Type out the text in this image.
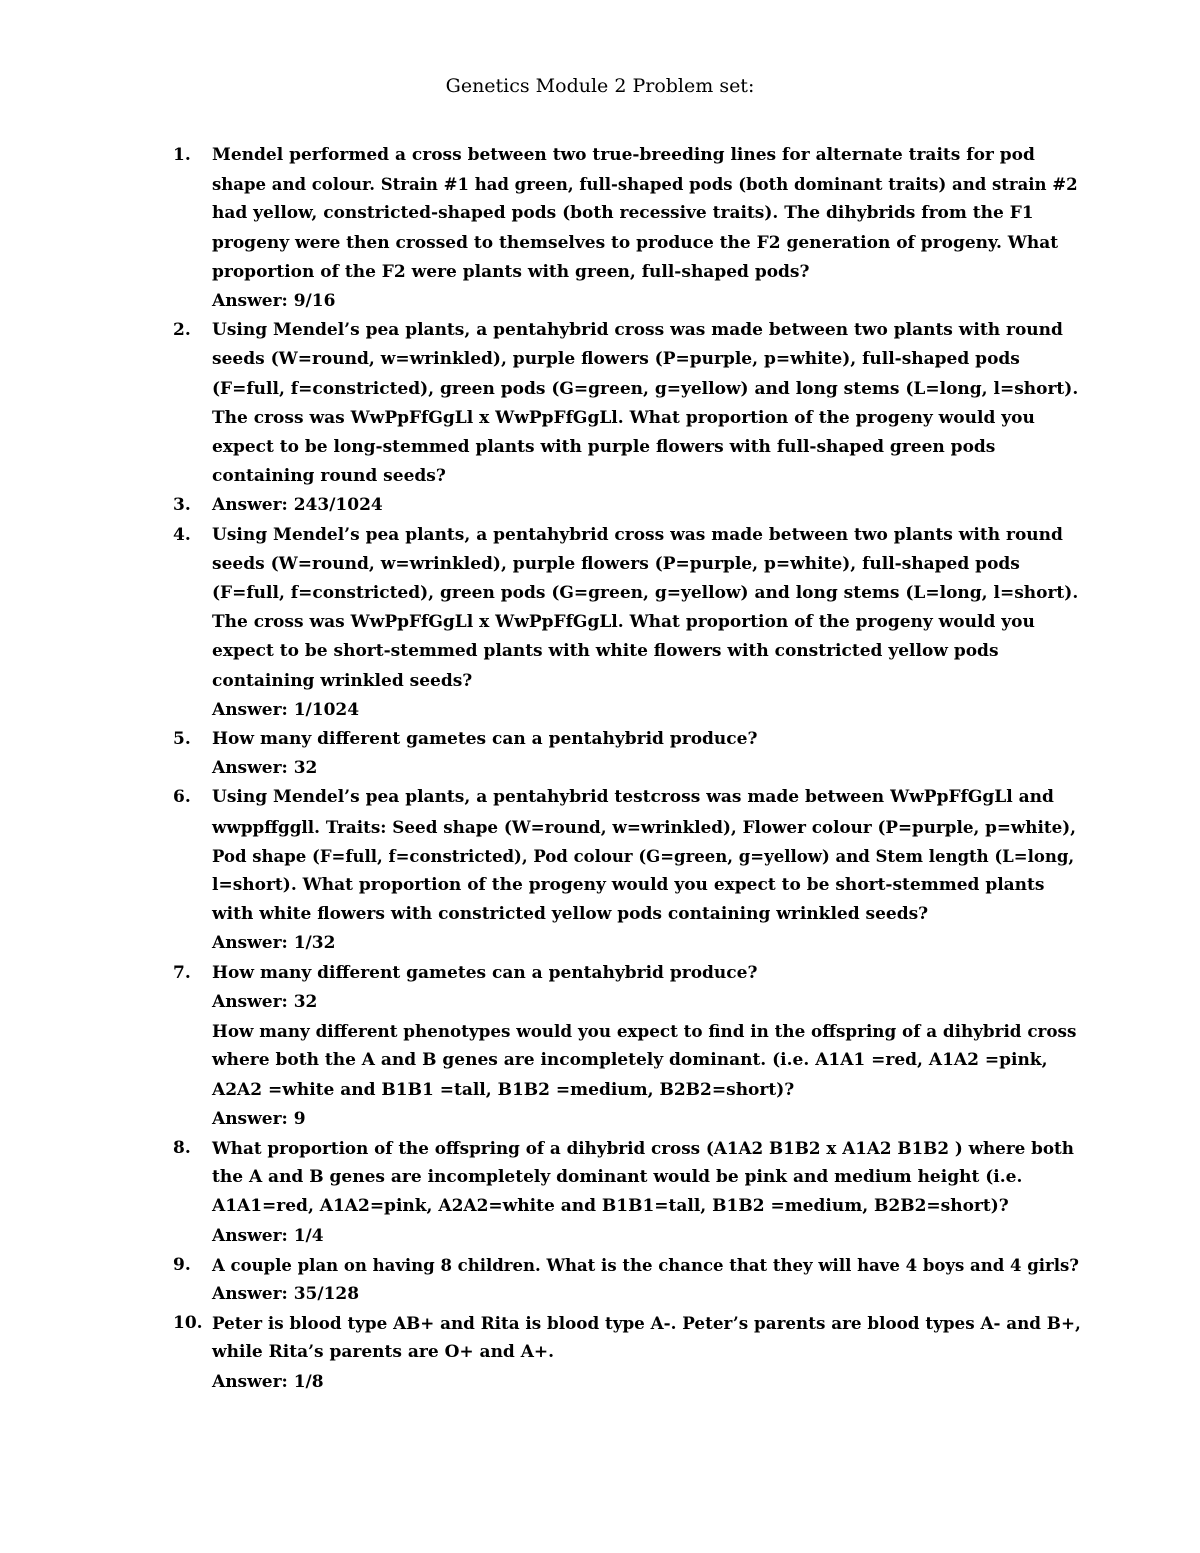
Genetics Module 2 Problem set:
1.	Mendel performed a cross between two true-breeding lines for alternate traits for pod
shape and colour. Strain #1 had green, full-shaped pods (both dominant traits) and strain #2
had yellow, constricted-shaped pods (both recessive traits). The dihybrids from the F1
progeny were then crossed to themselves to produce the F2 generation of progeny. What
proportion of the F2 were plants with green, full-shaped pods?
Answer: 9/16
2.	Using Mendel’s pea plants, a pentahybrid cross was made between two plants with round
seeds (W=round, w=wrinkled), purple flowers (P=purple, p=white), full-shaped pods
(F=full, f=constricted), green pods (G=green, g=yellow) and long stems (L=long, l=short).
The cross was WwPpFfGgLl x WwPpFfGgLl. What proportion of the progeny would you
expect to be long-stemmed plants with purple flowers with full-shaped green pods
containing round seeds?
3.	Answer: 243/1024
4.	Using Mendel’s pea plants, a pentahybrid cross was made between two plants with round
seeds (W=round, w=wrinkled), purple flowers (P=purple, p=white), full-shaped pods
(F=full, f=constricted), green pods (G=green, g=yellow) and long stems (L=long, l=short).
The cross was WwPpFfGgLl x WwPpFfGgLl. What proportion of the progeny would you
expect to be short-stemmed plants with white flowers with constricted yellow pods
containing wrinkled seeds?
Answer: 1/1024
5.	How many different gametes can a pentahybrid produce?
Answer: 32
6.	Using Mendel’s pea plants, a pentahybrid testcross was made between WwPpFfGgLl and
wwppffggll. Traits: Seed shape (W=round, w=wrinkled), Flower colour (P=purple, p=white),
Pod shape (F=full, f=constricted), Pod colour (G=green, g=yellow) and Stem length (L=long,
l=short). What proportion of the progeny would you expect to be short-stemmed plants
with white flowers with constricted yellow pods containing wrinkled seeds?
Answer: 1/32
7.	How many different gametes can a pentahybrid produce?
Answer: 32
How many different phenotypes would you expect to find in the offspring of a dihybrid cross
where both the A and B genes are incompletely dominant. (i.e. A1A1 =red, A1A2 =pink,
A2A2 =white and B1B1 =tall, B1B2 =medium, B2B2=short)?
Answer: 9
8.	What proportion of the offspring of a dihybrid cross (A1A2 B1B2 x A1A2 B1B2 ) where both
the A and B genes are incompletely dominant would be pink and medium height (i.e.
A1A1=red, A1A2=pink, A2A2=white and B1B1=tall, B1B2 =medium, B2B2=short)?
Answer: 1/4
9.	A couple plan on having 8 children. What is the chance that they will have 4 boys and 4 girls?
Answer: 35/128
10. Peter is blood type AB+ and Rita is blood type A-. Peter’s parents are blood types A- and B+,
while Rita’s parents are O+ and A+.
Answer: 1/8
